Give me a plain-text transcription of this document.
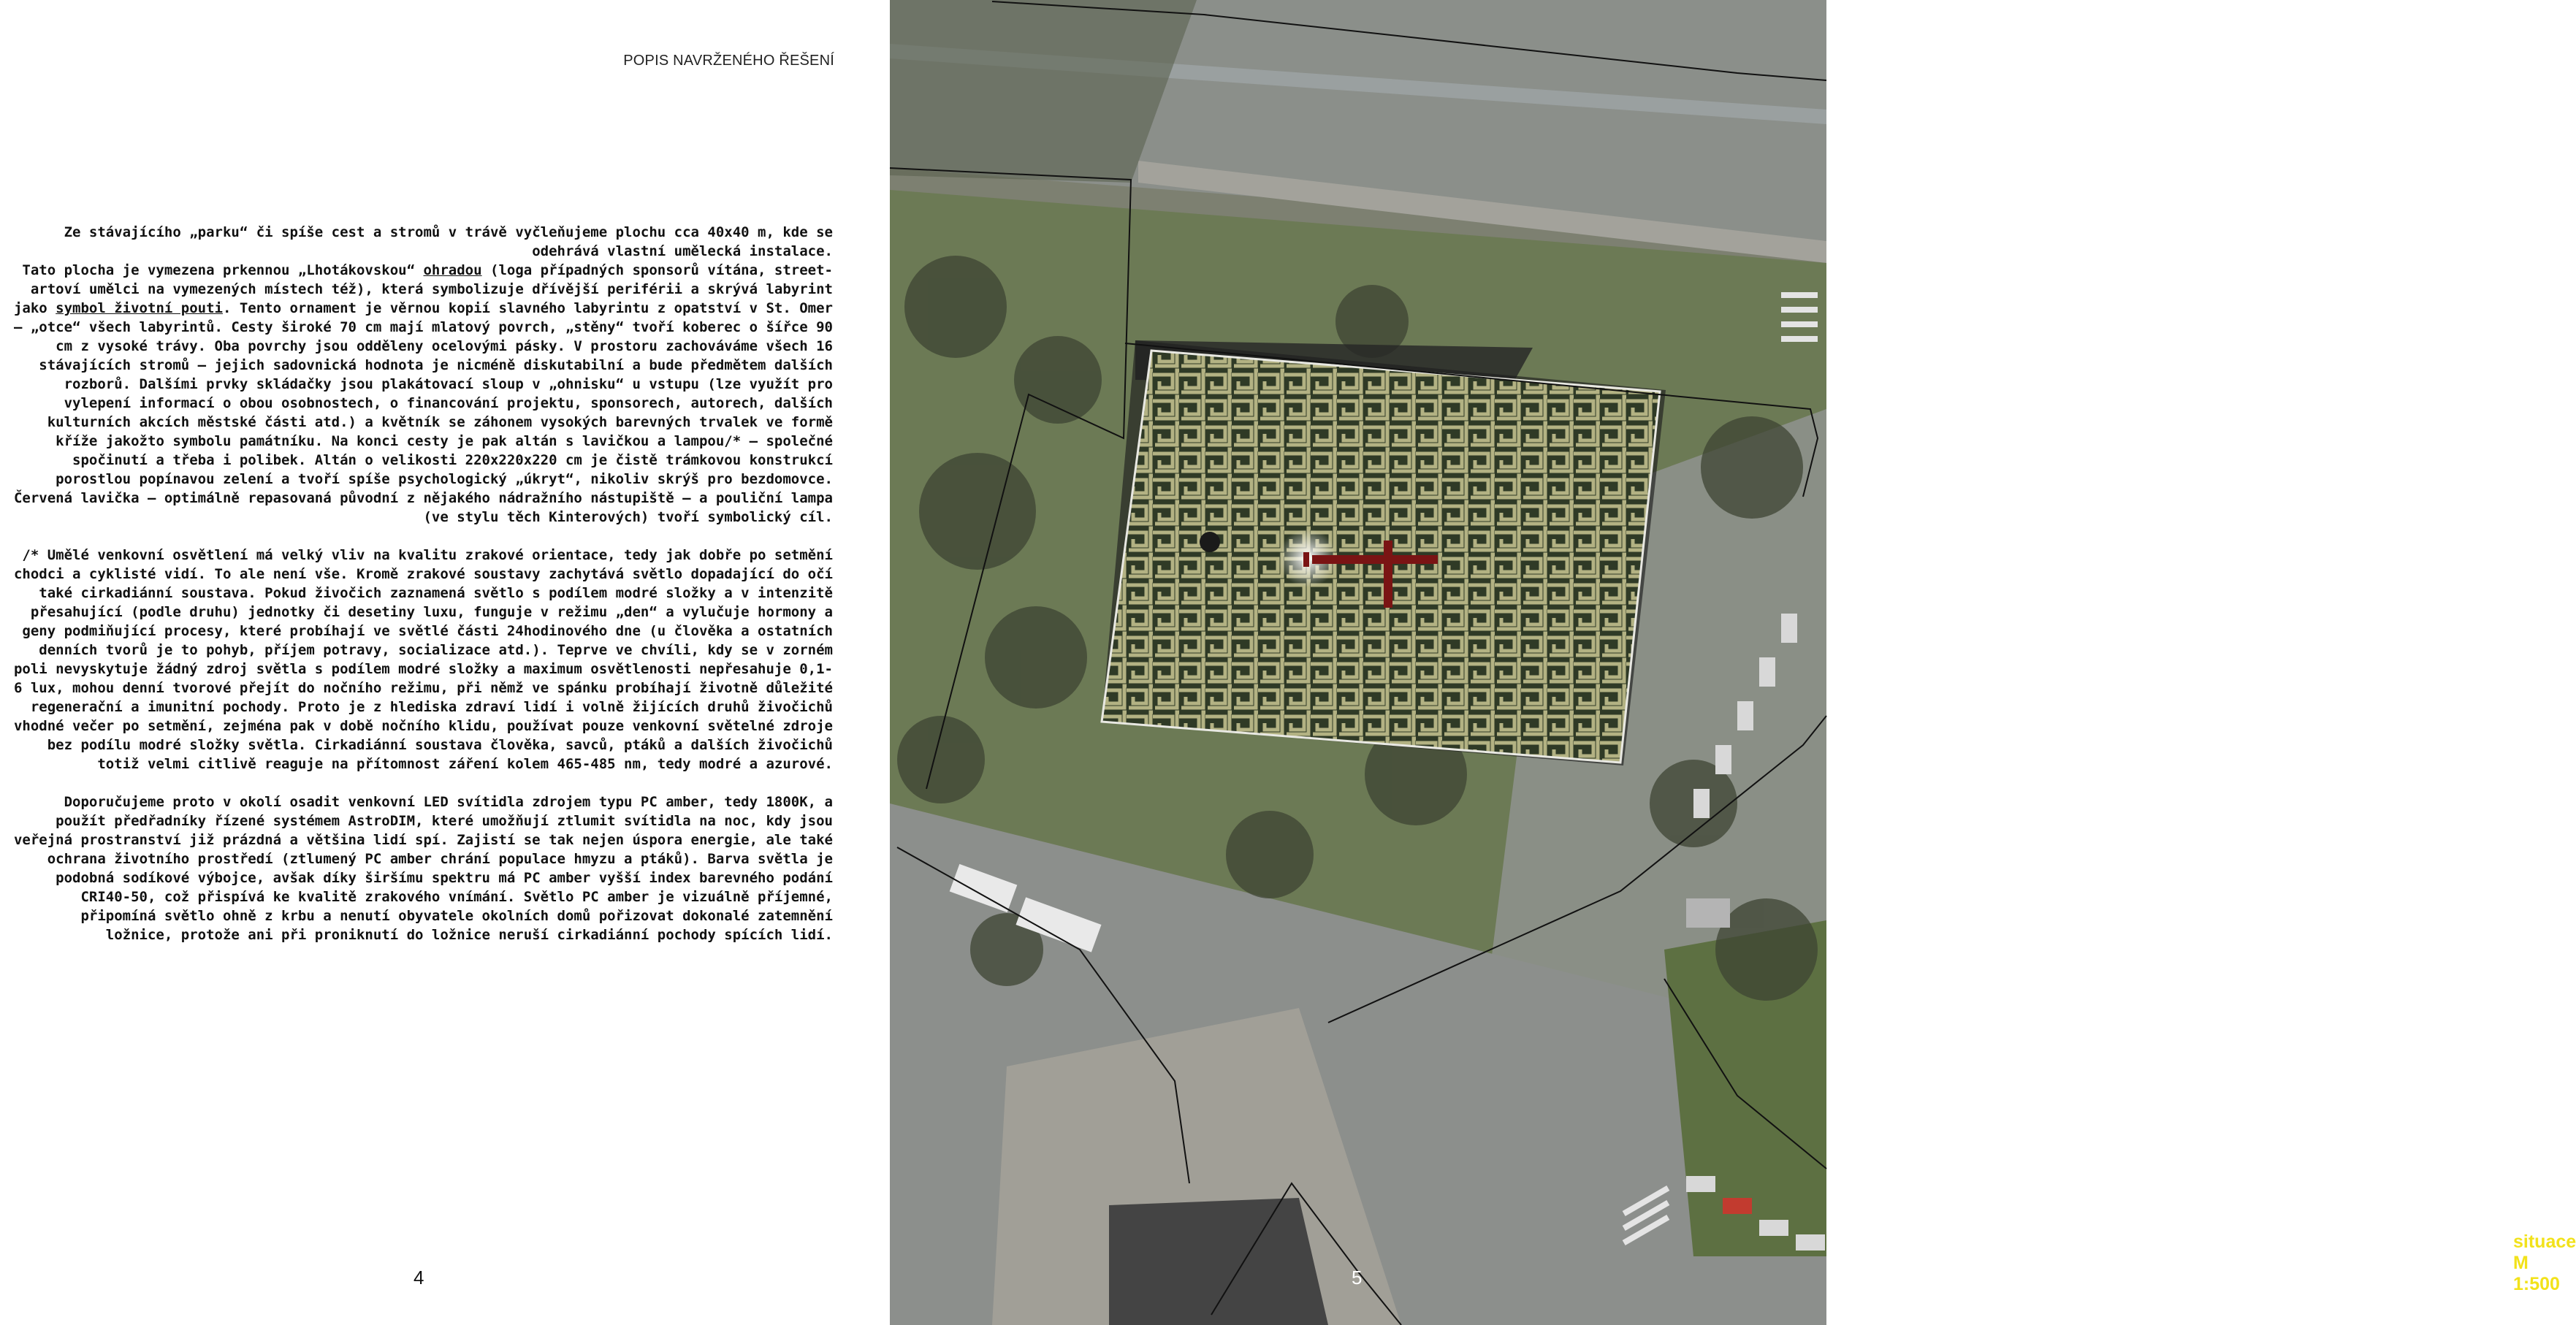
POPIS NAVRŽENÉHO ŘEŠENÍ

Ze stávajícího „parku“ či spíše cest a stromů v trávě vyčleňujeme plochu cca 40x40 m, kde se odehrává vlastní umělecká instalace.

Tato plocha je vymezena prkennou „Lhotákovskou“ ohradou (loga případných sponsorů vítána, street-artoví umělci na vymezených místech též), která symbolizuje dřívější periférii a skrývá labyrint jako symbol životní pouti. Tento ornament je věrnou kopií slavného labyrintu z opatství v St. Omer – „otce“ všech labyrintů. Cesty široké 70 cm mají mlatový povrch, „stěny“ tvoří koberec o šířce 90 cm z vysoké trávy. Oba povrchy jsou odděleny ocelovými pásky. V prostoru zachováváme všech 16 stávajících stromů – jejich sadovnická hodnota je nicméně diskutabilní a bude předmětem dalších rozborů. Dalšími prvky skládačky jsou plakátovací sloup v „ohnisku“ u vstupu (lze využít pro vylepení informací o obou osobnostech, o financování projektu, sponsorech, autorech, dalších kulturních akcích městské části atd.) a květník se záhonem vysokých barevných trvalek ve formě kříže jakožto symbolu památníku. Na konci cesty je pak altán s lavičkou a lampou/* – společné spočinutí a třeba i polibek. Altán o velikosti 220x220x220 cm je čistě trámkovou konstrukcí porostlou popínavou zelení a tvoří spíše psychologický „úkryt“, nikoliv skrýš pro bezdomovce. Červená lavička – optimálně repasovaná původní z nějakého nádražního nástupiště – a pouliční lampa (ve stylu těch Kinterových) tvoří symbolický cíl.

/* Umělé venkovní osvětlení má velký vliv na kvalitu zrakové orientace, tedy jak dobře po setmění chodci a cyklisté vidí. To ale není vše. Kromě zrakové soustavy zachytává světlo dopadající do očí také cirkadiánní soustava. Pokud živočich zaznamená světlo s podílem modré složky a v intenzitě přesahující (podle druhu) jednotky či desetiny luxu, funguje v režimu „den“ a vylučuje hormony a geny podmiňující procesy, které probíhají ve světlé části 24hodinového dne (u člověka a ostatních denních tvorů je to pohyb, příjem potravy, socializace atd.). Teprve ve chvíli, kdy se v zorném poli nevyskytuje žádný zdroj světla s podílem modré složky a maximum osvětlenosti nepřesahuje 0,1-6 lux, mohou denní tvorové přejít do nočního režimu, při němž ve spánku probíhají životně důležité regenerační a imunitní pochody. Proto je z hlediska zdraví lidí i volně žijících druhů živočichů vhodné večer po setmění, zejména pak v době nočního klidu, používat pouze venkovní světelné zdroje bez podílu modré složky světla. Cirkadiánní soustava člověka, savců, ptáků a dalších živočichů totiž velmi citlivě reaguje na přítomnost záření kolem 465-485 nm, tedy modré a azurové.

Doporučujeme proto v okolí osadit venkovní LED svítidla zdrojem typu PC amber, tedy 1800K, a použít předřadníky řízené systémem AstroDIM, které umožňují ztlumit svítidla na noc, kdy jsou veřejná prostranství již prázdná a většina lidí spí. Zajistí se tak nejen úspora energie, ale také ochrana životního prostředí (ztlumený PC amber chrání populace hmyzu a ptáků). Barva světla je podobná sodíkové výbojce, avšak díky širšímu spektru má PC amber vyšší index barevného podání CRI40-50, což přispívá ke kvalitě zrakového vnímání. Světlo PC amber je vizuálně příjemné, připomíná světlo ohně z krbu a nenutí obyvatele okolních domů pořizovat dokonalé zatemnění ložnice, protože ani při proniknutí do ložnice neruší cirkadiánní pochody spících lidí.

4
situace M 1:500
5
